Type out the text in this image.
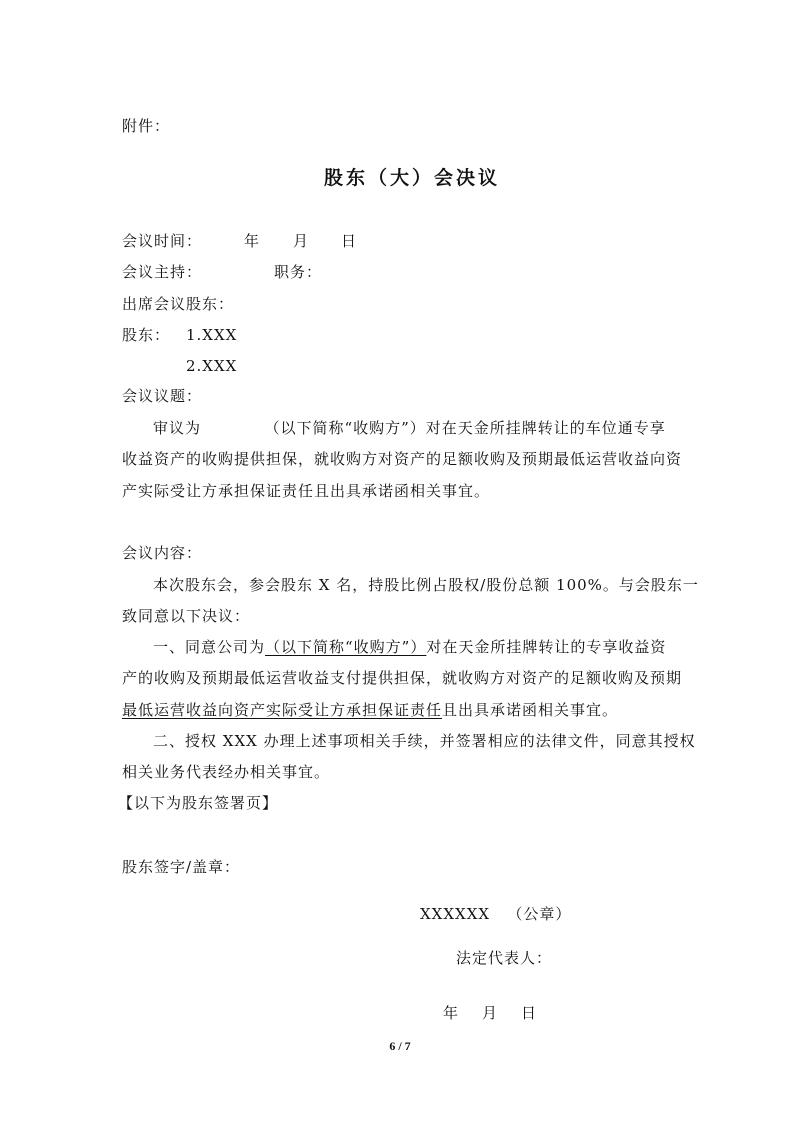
附件：
股东（大）会决议
会议时间：	年 月 日
会议主持：	职务：
出席会议股东：
股东： 1.XXX
2.XXX
会议议题：
审议为           （以下简称“收购方”）对在天金所挂牌转让的车位通专享
收益资产的收购提供担保，就收购方对资产的足额收购及预期最低运营收益向资
产实际受让方承担保证责任且出具承诺函相关事宜。
会议内容：
本次股东会，参会股东 X 名，持股比例占股权/股份总额 100%。与会股东一
致同意以下决议：
一、同意公司为（以下简称“收购方”）对在天金所挂牌转让的专享收益资
产的收购及预期最低运营收益支付提供担保，就收购方对资产的足额收购及预期
最低运营收益向资产实际受让方承担保证责任且出具承诺函相关事宜。
二、授权 XXX 办理上述事项相关手续，并签署相应的法律文件，同意其授权
相关业务代表经办相关事宜。
【以下为股东签署页】
股东签字/盖章：
XXXXXX   （公章）
法定代表人：
年 月 日
6 / 7
